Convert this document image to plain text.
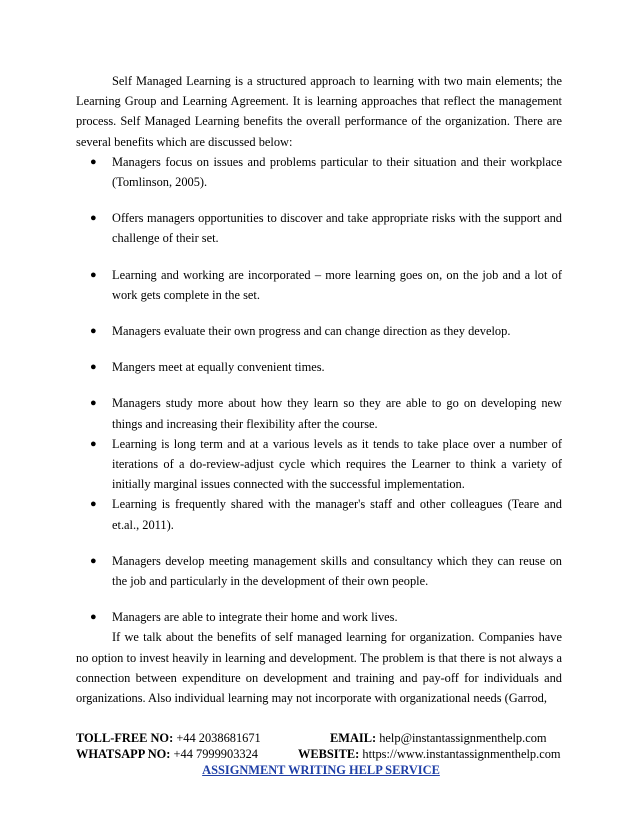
Self Managed Learning is a structured approach to learning with two main elements; the Learning Group and Learning Agreement. It is learning approaches that reflect the management process. Self Managed Learning benefits the overall performance of the organization. There are several benefits which are discussed below:

● Managers focus on issues and problems particular to their situation and their workplace (Tomlinson, 2005).
● Offers managers opportunities to discover and take appropriate risks with the support and challenge of their set.
● Learning and working are incorporated – more learning goes on, on the job and a lot of work gets complete in the set.
● Managers evaluate their own progress and can change direction as they develop.
● Mangers meet at equally convenient times.
● Managers study more about how they learn so they are able to go on developing new things and increasing their flexibility after the course.
● Learning is long term and at a various levels as it tends to take place over a number of iterations of a do-review-adjust cycle which requires the Learner to think a variety of initially marginal issues connected with the successful implementation.
● Learning is frequently shared with the manager's staff and other colleagues (Teare and et.al., 2011).
● Managers develop meeting management skills and consultancy which they can reuse on the job and particularly in the development of their own people.
● Managers are able to integrate their home and work lives.

If we talk about the benefits of self managed learning for organization. Companies have no option to invest heavily in learning and development. The problem is that there is not always a connection between expenditure on development and training and pay-off for individuals and organizations. Also individual learning may not incorporate with organizational needs (Garrod,

TOLL-FREE NO: +44 2038681671	EMAIL: help@instantassignmenthelp.com
WHATSAPP NO: +44 7999903324	WEBSITE: https://www.instantassignmenthelp.com
ASSIGNMENT WRITING HELP SERVICE
